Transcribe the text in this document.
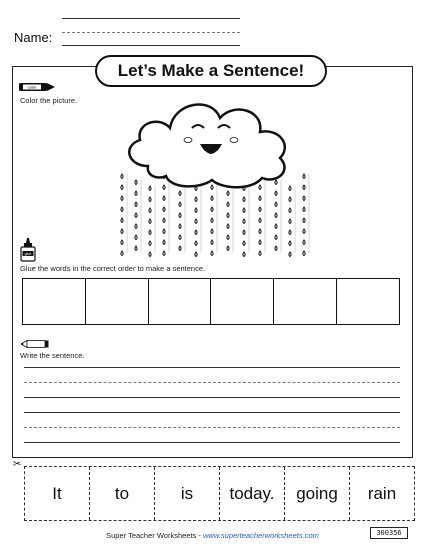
Name:
Let’s Make a Sentence!
color
Color the picture.
glue
Glue the words in the correct order to make a sentence.
Write the sentence.
✂
It	to	is	today.	going	rain
Super Teacher Worksheets - www.superteacherworksheets.com	300356
